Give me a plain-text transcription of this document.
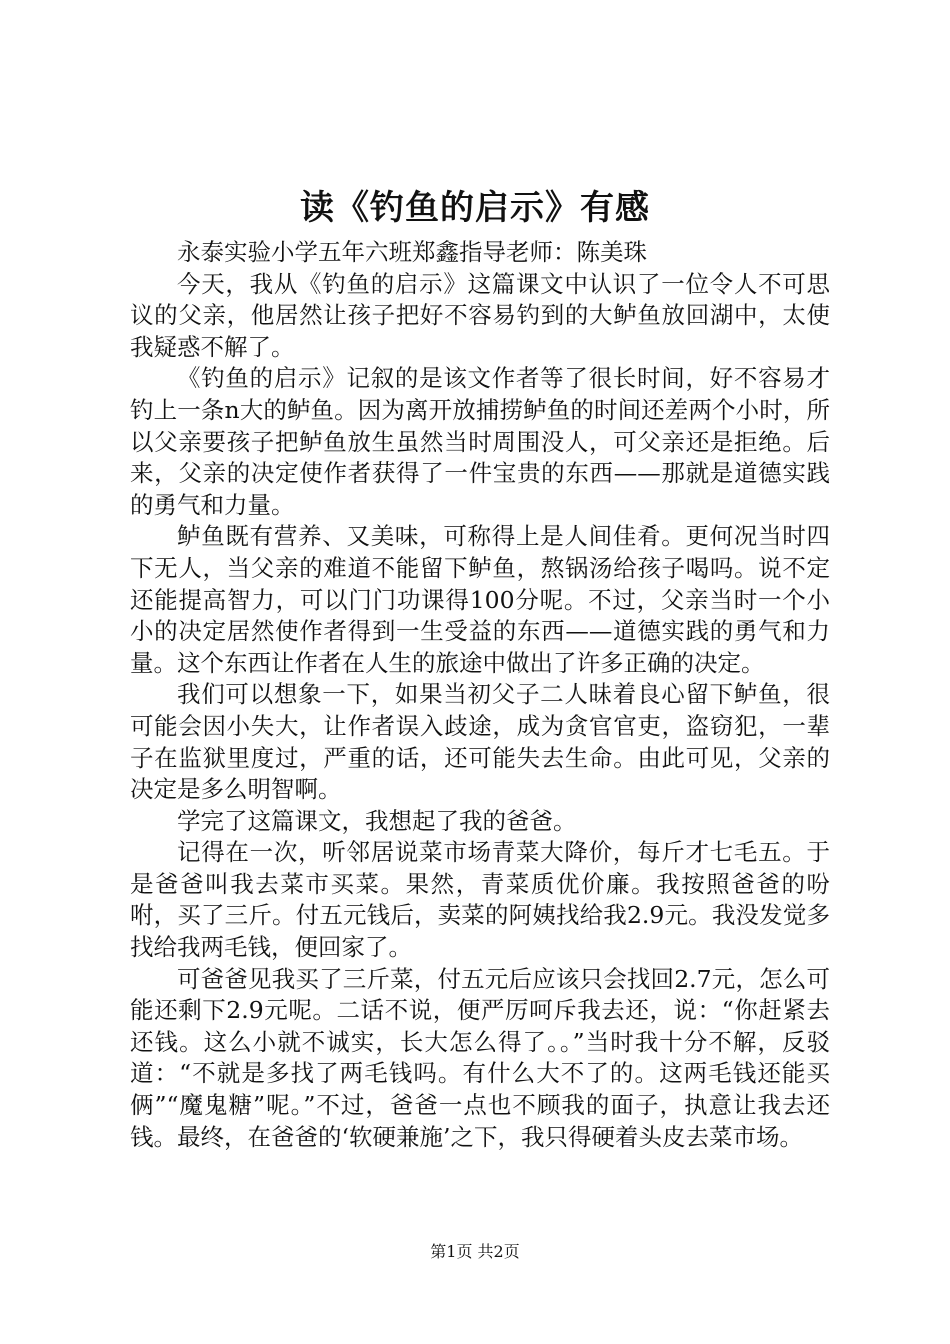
读《钓鱼的启示》有感

永泰实验小学五年六班郑鑫指导老师：陈美珠

今天，我从《钓鱼的启示》这篇课文中认识了一位令人不可思议的父亲，他居然让孩子把好不容易钓到的大鲈鱼放回湖中，太使我疑惑不解了。

《钓鱼的启示》记叙的是该文作者等了很长时间，好不容易才钓上一条n大的鲈鱼。因为离开放捕捞鲈鱼的时间还差两个小时，所以父亲要孩子把鲈鱼放生虽然当时周围没人，可父亲还是拒绝。后来，父亲的决定使作者获得了一件宝贵的东西——那就是道德实践的勇气和力量。

鲈鱼既有营养、又美味，可称得上是人间佳肴。更何况当时四下无人，当父亲的难道不能留下鲈鱼，熬锅汤给孩子喝吗。说不定还能提高智力，可以门门功课得100分呢。不过，父亲当时一个小小的决定居然使作者得到一生受益的东西——道德实践的勇气和力量。这个东西让作者在人生的旅途中做出了许多正确的决定。

我们可以想象一下，如果当初父子二人昧着良心留下鲈鱼，很可能会因小失大，让作者误入歧途，成为贪官官吏，盗窃犯，一辈子在监狱里度过，严重的话，还可能失去生命。由此可见，父亲的决定是多么明智啊。

学完了这篇课文，我想起了我的爸爸。

记得在一次，听邻居说菜市场青菜大降价，每斤才七毛五。于是爸爸叫我去菜市买菜。果然，青菜质优价廉。我按照爸爸的吩咐，买了三斤。付五元钱后，卖菜的阿姨找给我2.9元。我没发觉多找给我两毛钱，便回家了。

可爸爸见我买了三斤菜，付五元后应该只会找回2.7元，怎么可能还剩下2.9元呢。二话不说，便严厉呵斥我去还，说：“你赶紧去还钱。这么小就不诚实，长大怎么得了。。”当时我十分不解，反驳道：“不就是多找了两毛钱吗。有什么大不了的。这两毛钱还能买俩”“魔鬼糖”呢。”不过，爸爸一点也不顾我的面子，执意让我去还钱。最终，在爸爸的‘软硬兼施’之下，我只得硬着头皮去菜市场。

第1页 共2页
